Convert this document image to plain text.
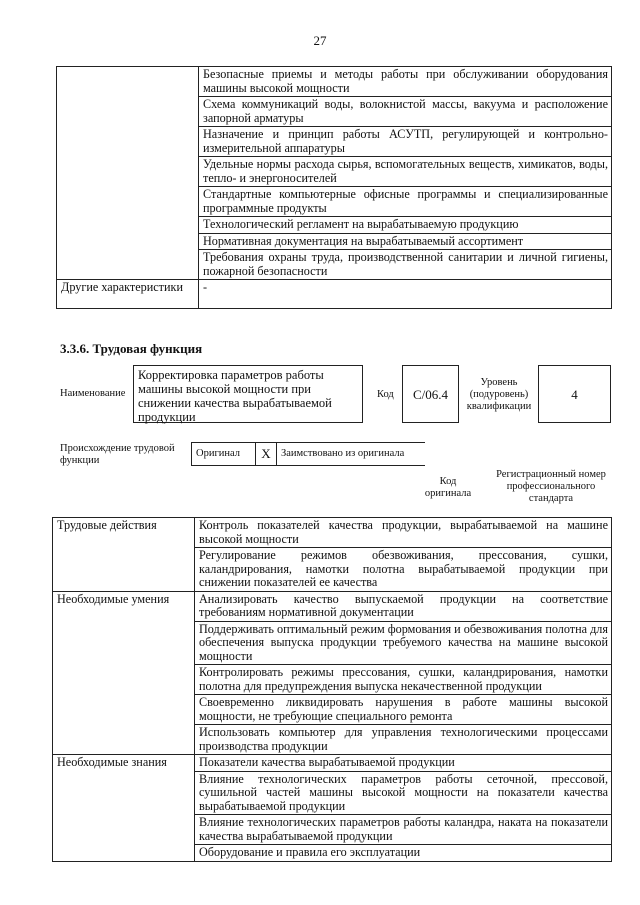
27
	Безопасные приемы и методы работы при обслуживании оборудования машины высокой мощности
	Схема коммуникаций воды, волокнистой массы, вакуума и расположение запорной арматуры
	Назначение и принцип работы АСУТП, регулирующей и контрольно-измерительной аппаратуры
	Удельные нормы расхода сырья, вспомогательных веществ, химикатов, воды, тепло- и энергоносителей
	Стандартные компьютерные офисные программы и специализированные программные продукты
	Технологический регламент на вырабатываемую продукцию
	Нормативная документация на вырабатываемый ассортимент
	Требования охраны труда, производственной санитарии и личной гигиены, пожарной безопасности
Другие характеристики	-
3.3.6. Трудовая функция
Наименование
Корректировка параметров работы машины высокой мощности при снижении качества вырабатываемой продукции
Код	C/06.4
Уровень (подуровень) квалификации
4
Происхождение трудовой функции
Оригинал	X	Заимствовано из оригинала
Код оригинала
Регистрационный номер профессионального стандарта
Трудовые действия	Контроль показателей качества продукции, вырабатываемой на машине высокой мощности
	Регулирование режимов обезвоживания, прессования, сушки, каландрирования, намотки полотна вырабатываемой продукции при снижении показателей ее качества
Необходимые умения	Анализировать качество выпускаемой продукции на соответствие требованиям нормативной документации
	Поддерживать оптимальный режим формования и обезвоживания полотна для обеспечения выпуска продукции требуемого качества на машине высокой мощности
	Контролировать режимы прессования, сушки, каландрирования, намотки полотна для предупреждения выпуска некачественной продукции
	Своевременно ликвидировать нарушения в работе машины высокой мощности, не требующие специального ремонта
	Использовать компьютер для управления технологическими процессами производства продукции
Необходимые знания	Показатели качества вырабатываемой продукции
	Влияние технологических параметров работы сеточной, прессовой, сушильной частей машины высокой мощности на показатели качества вырабатываемой продукции
	Влияние технологических параметров работы каландра, наката на показатели качества вырабатываемой продукции
	Оборудование и правила его эксплуатации
